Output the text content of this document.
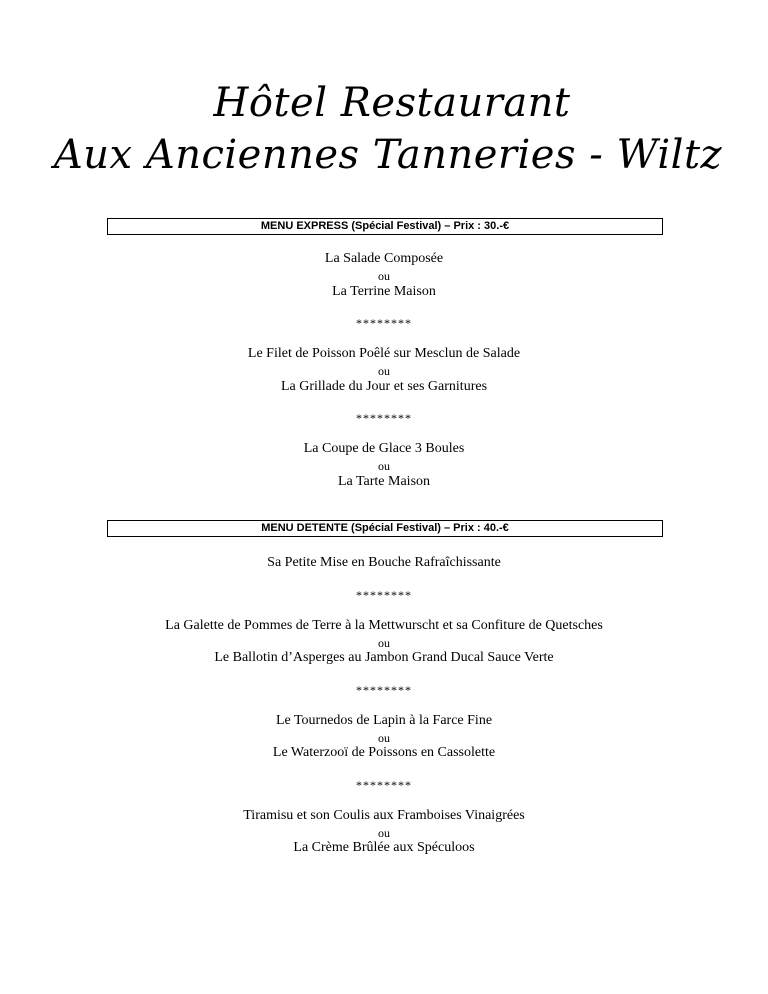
Hôtel Restaurant
Aux Anciennes Tanneries - Wiltz
MENU EXPRESS (Spécial Festival) – Prix : 30.-€
La Salade Composée
ou
La Terrine Maison
********
Le Filet de Poisson Poêlé sur Mesclun de Salade
ou
La Grillade du Jour et ses Garnitures
********
La Coupe de Glace 3 Boules
ou
La Tarte Maison
MENU DETENTE (Spécial Festival) – Prix : 40.-€
Sa Petite Mise en Bouche Rafraîchissante
********
La Galette de Pommes de Terre à la Mettwurscht et sa Confiture de Quetsches
ou
Le Ballotin d’Asperges au Jambon Grand Ducal Sauce Verte
********
Le Tournedos de Lapin à la Farce Fine
ou
Le Waterzooï de Poissons en Cassolette
********
Tiramisu et son Coulis aux Framboises Vinaigrées
ou
La Crème Brûlée aux Spéculoos
